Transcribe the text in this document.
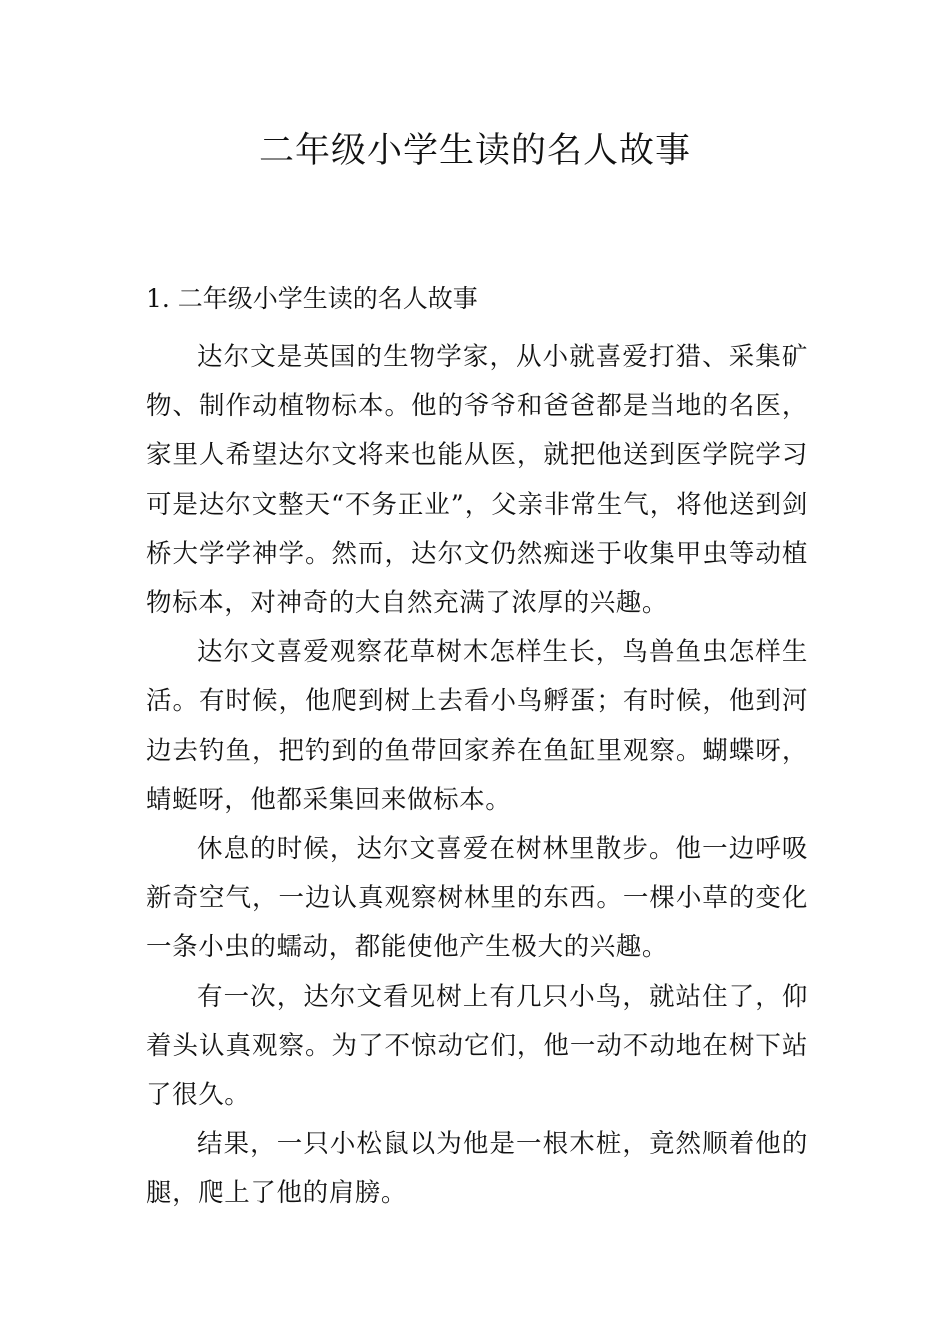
二年级小学生读的名人故事
1. 二年级小学生读的名人故事

达尔文是英国的生物学家，从小就喜爱打猎、采集矿物、制作动植物标本。他的爷爷和爸爸都是当地的名医，家里人希望达尔文将来也能从医，就把他送到医学院学习可是达尔文整天“不务正业”，父亲非常生气，将他送到剑桥大学学神学。然而，达尔文仍然痴迷于收集甲虫等动植物标本，对神奇的大自然充满了浓厚的兴趣。

达尔文喜爱观察花草树木怎样生长，鸟兽鱼虫怎样生活。有时候，他爬到树上去看小鸟孵蛋；有时候，他到河边去钓鱼，把钓到的鱼带回家养在鱼缸里观察。蝴蝶呀，蜻蜓呀，他都采集回来做标本。

休息的时候，达尔文喜爱在树林里散步。他一边呼吸新奇空气，一边认真观察树林里的东西。一棵小草的变化一条小虫的蠕动，都能使他产生极大的兴趣。

有一次，达尔文看见树上有几只小鸟，就站住了，仰着头认真观察。为了不惊动它们，他一动不动地在树下站了很久。

结果，一只小松鼠以为他是一根木桩，竟然顺着他的腿，爬上了他的肩膀。
